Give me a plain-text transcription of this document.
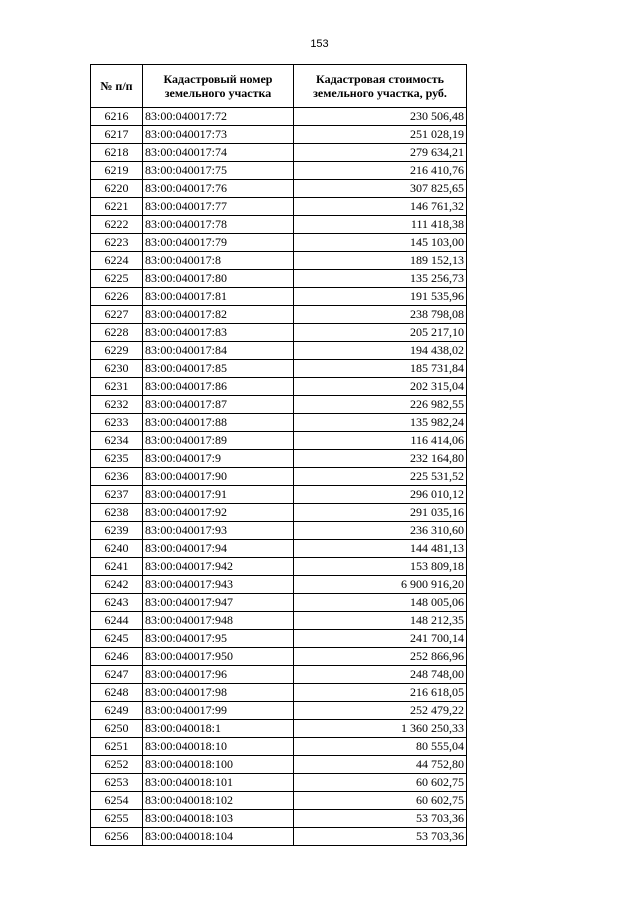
153
№ п/п	Кадастровый номер земельного участка	Кадастровая стоимость земельного участка, руб.
6216	83:00:040017:72	230 506,48
6217	83:00:040017:73	251 028,19
6218	83:00:040017:74	279 634,21
6219	83:00:040017:75	216 410,76
6220	83:00:040017:76	307 825,65
6221	83:00:040017:77	146 761,32
6222	83:00:040017:78	111 418,38
6223	83:00:040017:79	145 103,00
6224	83:00:040017:8	189 152,13
6225	83:00:040017:80	135 256,73
6226	83:00:040017:81	191 535,96
6227	83:00:040017:82	238 798,08
6228	83:00:040017:83	205 217,10
6229	83:00:040017:84	194 438,02
6230	83:00:040017:85	185 731,84
6231	83:00:040017:86	202 315,04
6232	83:00:040017:87	226 982,55
6233	83:00:040017:88	135 982,24
6234	83:00:040017:89	116 414,06
6235	83:00:040017:9	232 164,80
6236	83:00:040017:90	225 531,52
6237	83:00:040017:91	296 010,12
6238	83:00:040017:92	291 035,16
6239	83:00:040017:93	236 310,60
6240	83:00:040017:94	144 481,13
6241	83:00:040017:942	153 809,18
6242	83:00:040017:943	6 900 916,20
6243	83:00:040017:947	148 005,06
6244	83:00:040017:948	148 212,35
6245	83:00:040017:95	241 700,14
6246	83:00:040017:950	252 866,96
6247	83:00:040017:96	248 748,00
6248	83:00:040017:98	216 618,05
6249	83:00:040017:99	252 479,22
6250	83:00:040018:1	1 360 250,33
6251	83:00:040018:10	80 555,04
6252	83:00:040018:100	44 752,80
6253	83:00:040018:101	60 602,75
6254	83:00:040018:102	60 602,75
6255	83:00:040018:103	53 703,36
6256	83:00:040018:104	53 703,36
